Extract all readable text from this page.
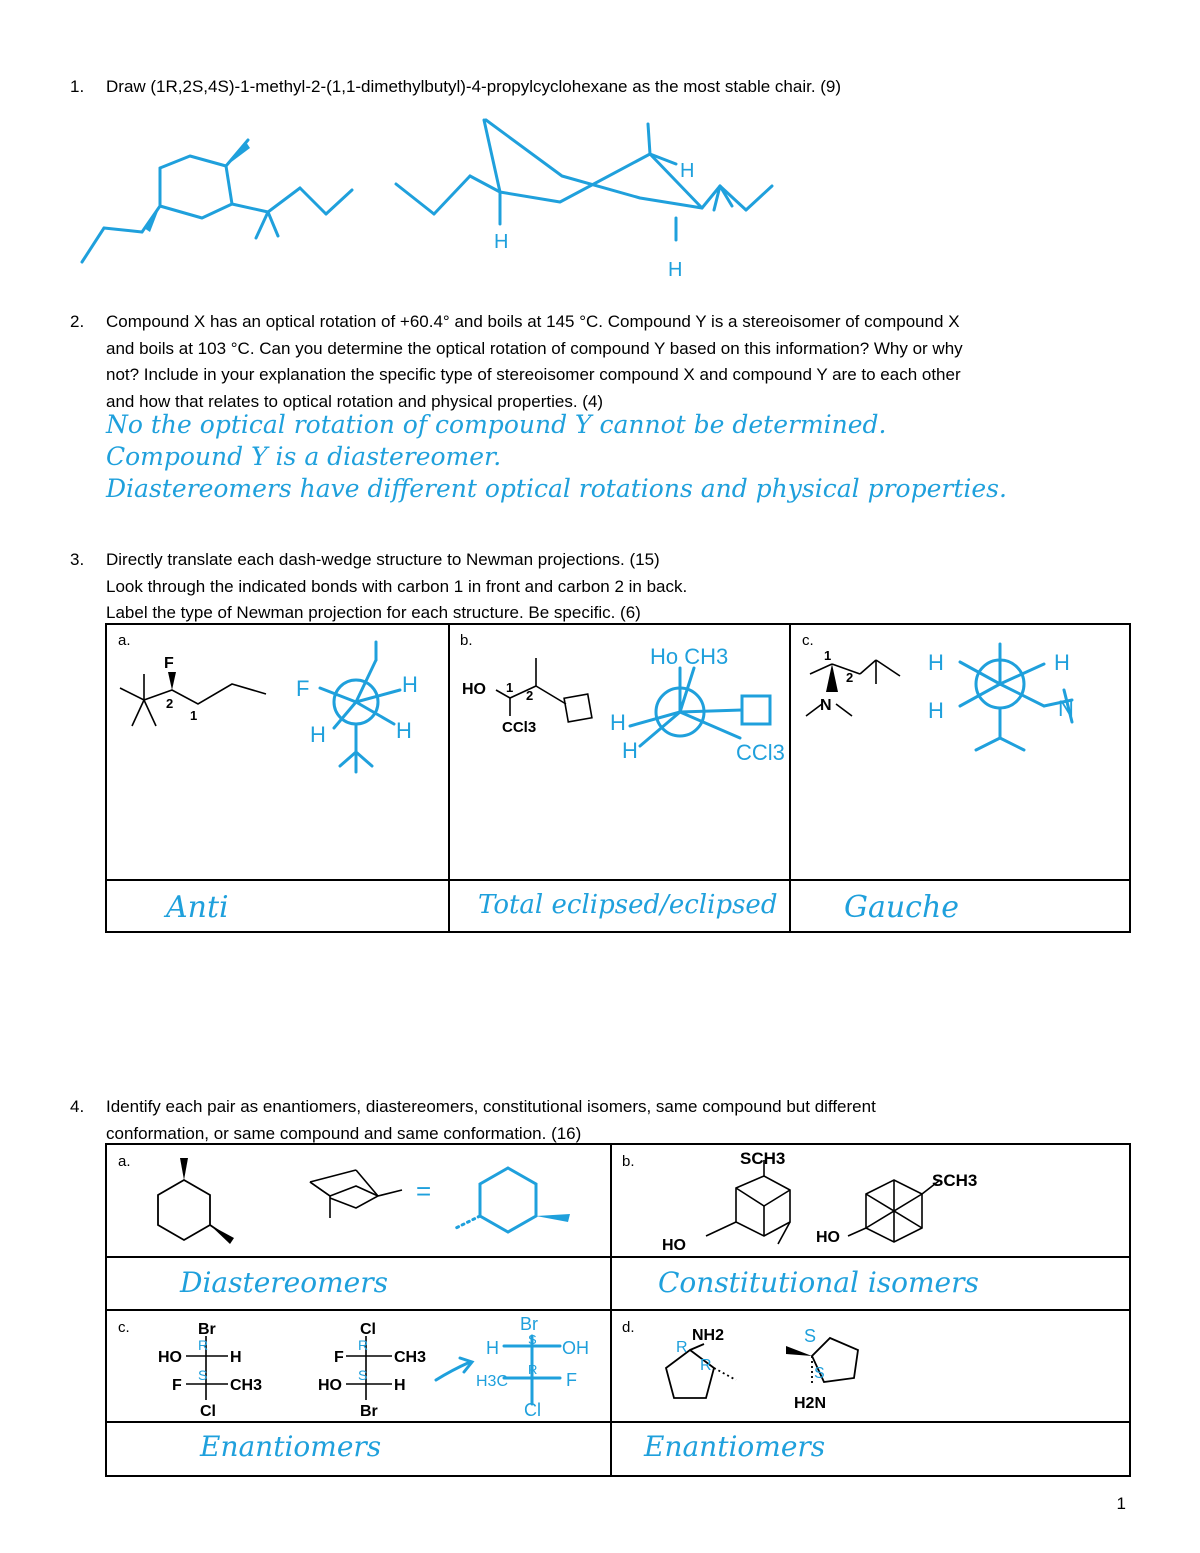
1. Draw (1R,2S,4S)-1-methyl-2-(1,1-dimethylbutyl)-4-propylcyclohexane as the most stable chair. (9)
H
H
H
2. Compound X has an optical rotation of +60.4° and boils at 145 °C. Compound Y is a stereoisomer of compound X
and boils at 103 °C. Can you determine the optical rotation of compound Y based on this information? Why or why
not? Include in your explanation the specific type of stereoisomer compound X and compound Y are to each other
and how that relates to optical rotation and physical properties. (4)
No the optical rotation of compound Y cannot be determined.
Compound Y is a diastereomer.
Diastereomers have different optical rotations and physical properties.
3. Directly translate each dash-wedge structure to Newman projections. (15)
Look through the indicated bonds with carbon 1 in front and carbon 2 in back.
Label the type of Newman projection for each structure. Be specific. (6)
a.	b.	c.
F
2
1
F	H
H	H
HO 1
2
CCl3
Ho CH3
H
H	CCl3
1
2
N
H	H
H	N
Anti	Total eclipsed/eclipsed Gauche
4. Identify each pair as enantiomers, diastereomers, constitutional isomers, same compound but different
conformation, or same compound and same conformation. (16)
a.	b.
c.	d.
=
SCH3
HO
SCH3
HO
Br
HO	H
F	CH3
Cl
R
S
Cl
F	CH3
HO	H
Br
R
S
Br
H	OH
H3C	F
Cl
S
R
NH2
H2N
R
R
S
S
Diastereomers	Constitutional isomers
Enantiomers	Enantiomers
1
